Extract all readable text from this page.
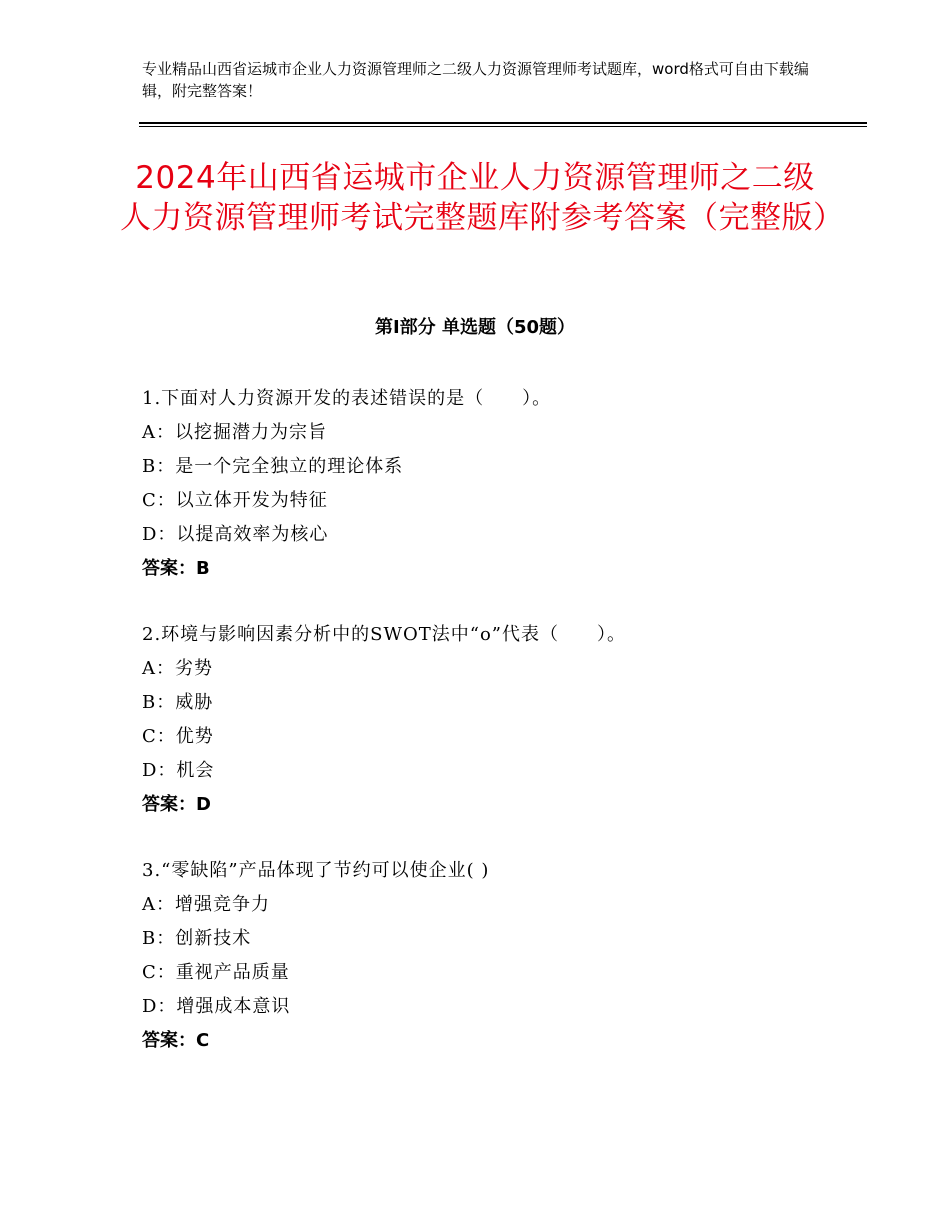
专业精品山西省运城市企业人力资源管理师之二级人力资源管理师考试题库，word格式可自由下载编辑，附完整答案！
2024年山西省运城市企业人力资源管理师之二级人力资源管理师考试完整题库附参考答案（完整版）
第Ⅰ部分 单选题（50题）
1.下面对人力资源开发的表述错误的是（　　）。
A：以挖掘潜力为宗旨
B：是一个完全独立的理论体系
C：以立体开发为特征
D：以提高效率为核心
答案：B
2.环境与影响因素分析中的SWOT法中“o”代表（　　）。
A：劣势
B：威胁
C：优势
D：机会
答案：D
3.“零缺陷”产品体现了节约可以使企业( )
A：增强竞争力
B：创新技术
C：重视产品质量
D：增强成本意识
答案：C
